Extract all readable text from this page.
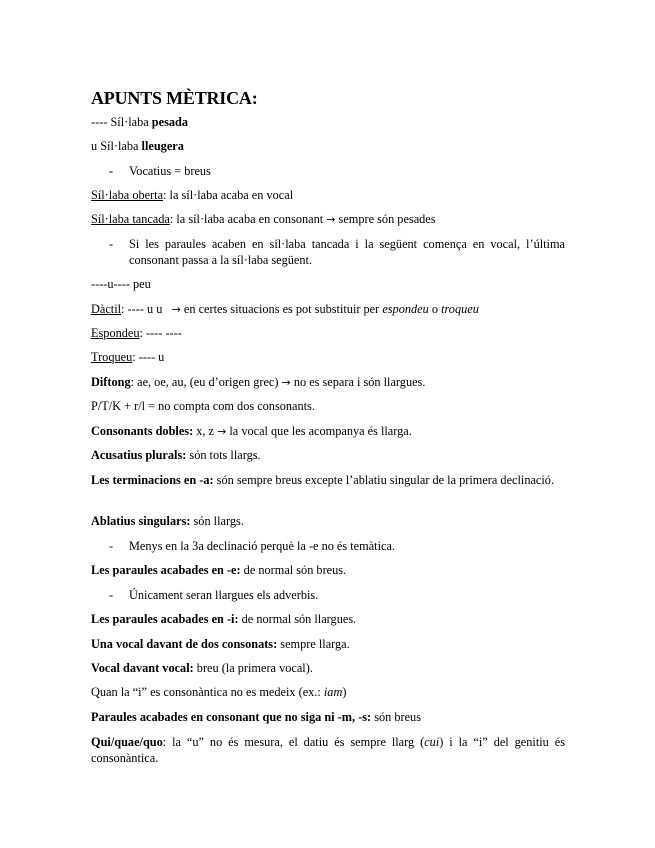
APUNTS MÈTRICA:
---- Síl·laba pesada
u Síl·laba lleugera
- Vocatius = breus
Síl·laba oberta: la síl·laba acaba en vocal
Síl·laba tancada: la síl·laba acaba en consonant → sempre són pesades
- Si les paraules acaben en síl·laba tancada i la següent comença en vocal, l’última consonant passa a la síl·laba següent.
----u---- peu
Dàctil: ---- u u   → en certes situacions es pot substituir per espondeu o troqueu
Espondeu: ---- ----
Troqueu: ---- u
Diftong: ae, oe, au, (eu d’origen grec) → no es separa i són llargues.
P/T/K + r/l = no compta com dos consonants.
Consonants dobles: x, z → la vocal que les acompanya és llarga.
Acusatius plurals: són tots llargs.
Les terminacions en -a: són sempre breus excepte l’ablatiu singular de la primera declinació.
Ablatius singulars: són llargs.
- Menys en la 3a declinació perquè la -e no és temàtica.
Les paraules acabades en -e: de normal són breus.
- Únicament seran llargues els adverbis.
Les paraules acabades en -i: de normal són llargues.
Una vocal davant de dos consonats: sempre llarga.
Vocal davant vocal: breu (la primera vocal).
Quan la “i” es consonàntica no es medeix (ex.: iam)
Paraules acabades en consonant que no siga ni -m, -s: són breus
Qui/quae/quo: la “u” no és mesura, el datiu és sempre llarg (cui) i la “i” del genitiu és consonàntica.
